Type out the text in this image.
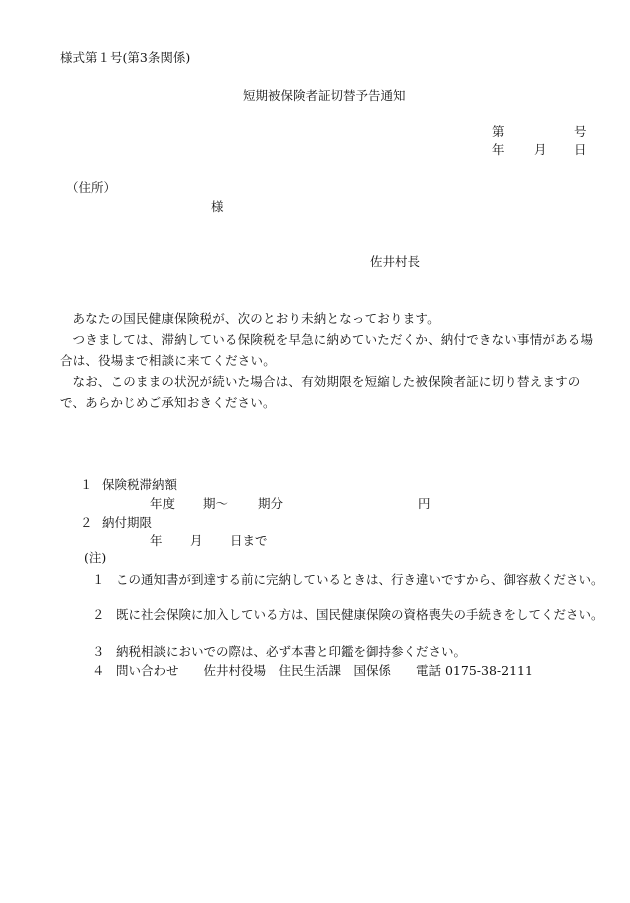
様式第１号(第3条関係)
短期被保険者証切替予告通知
第	号
年 月 日
（住所）
様
佐井村長

あなたの国民健康保険税が、次のとおり未納となっております。

つきましては、滞納している保険税を早急に納めていただくか、納付できない事情がある場合は、役場まで相談に来てください。

なお、このままの状況が続いた場合は、有効期限を短縮した被保険者証に切り替えますので、あらかじめご承知おきください。

１ 保険税滞納額
年度 期～ 期分	円
２ 納付期限
年 月 日まで
(注)
１ この通知書が到達する前に完納しているときは、行き違いですから、御容赦ください。
２ 既に社会保険に加入している方は、国民健康保険の資格喪失の手続きをしてください。
３ 納税相談においでの際は、必ず本書と印鑑を御持参ください。
４ 問い合わせ　　佐井村役場　住民生活課　国保係　　電話 0175-38-2111
